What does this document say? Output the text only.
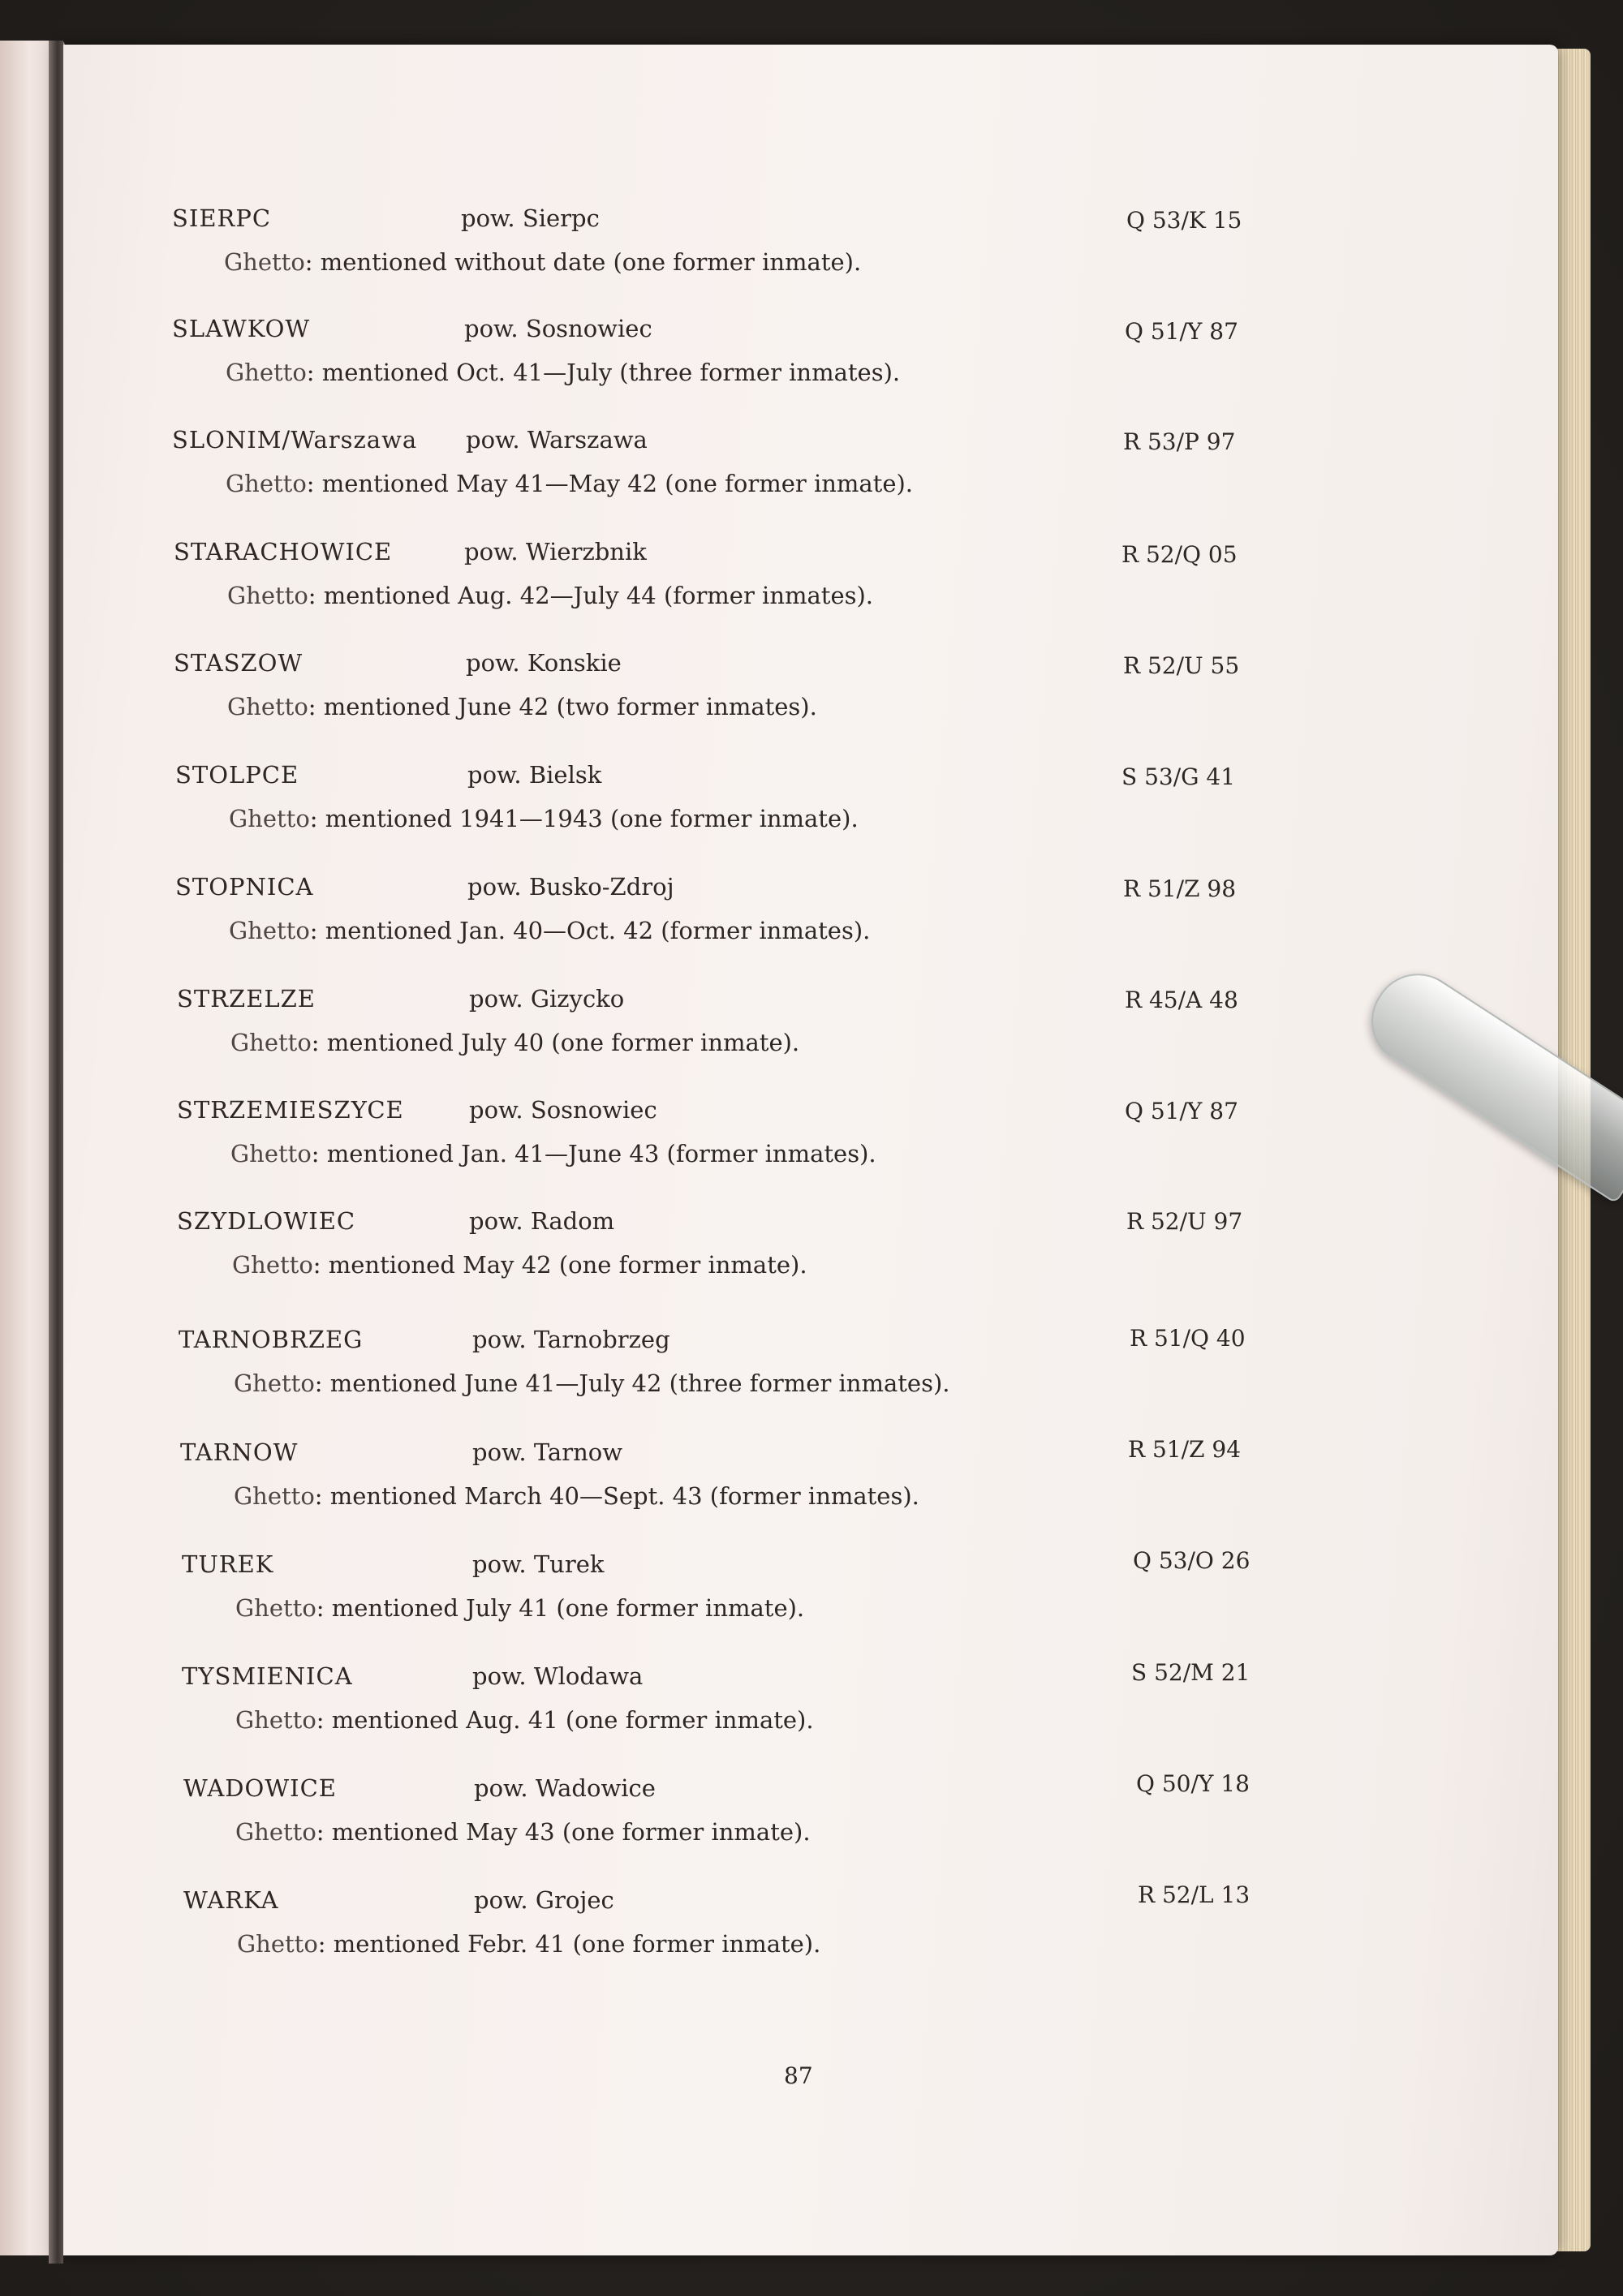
SIERPC	pow. Sierpc	Q 53/K 15
Ghetto: mentioned without date (one former inmate).
SLAWKOW	pow. Sosnowiec	Q 51/Y 87
Ghetto: mentioned Oct. 41—July (three former inmates).
SLONIM/Warszawa pow. Warszawa	R 53/P 97
Ghetto: mentioned May 41—May 42 (one former inmate).
STARACHOWICE	pow. Wierzbnik	R 52/Q 05
Ghetto: mentioned Aug. 42—July 44 (former inmates).
STASZOW	pow. Konskie	R 52/U 55
Ghetto: mentioned June 42 (two former inmates).
STOLPCE	pow. Bielsk	S 53/G 41
Ghetto: mentioned 1941—1943 (one former inmate).
STOPNICA	pow. Busko-Zdroj	R 51/Z 98
Ghetto: mentioned Jan. 40—Oct. 42 (former inmates).
STRZELZE	pow. Gizycko	R 45/A 48
Ghetto: mentioned July 40 (one former inmate).
STRZEMIESZYCE	pow. Sosnowiec	Q 51/Y 87
Ghetto: mentioned Jan. 41—June 43 (former inmates).
SZYDLOWIEC	pow. Radom	R 52/U 97
Ghetto: mentioned May 42 (one former inmate).
TARNOBRZEG	pow. Tarnobrzeg	R 51/Q 40
Ghetto: mentioned June 41—July 42 (three former inmates).
TARNOW	pow. Tarnow	R 51/Z 94
Ghetto: mentioned March 40—Sept. 43 (former inmates).
TUREK	pow. Turek	Q 53/O 26
Ghetto: mentioned July 41 (one former inmate).
TYSMIENICA	pow. Wlodawa	S 52/M 21
Ghetto: mentioned Aug. 41 (one former inmate).
WADOWICE	pow. Wadowice	Q 50/Y 18
Ghetto: mentioned May 43 (one former inmate).
WARKA	pow. Grojec	R 52/L 13
Ghetto: mentioned Febr. 41 (one former inmate).
87
